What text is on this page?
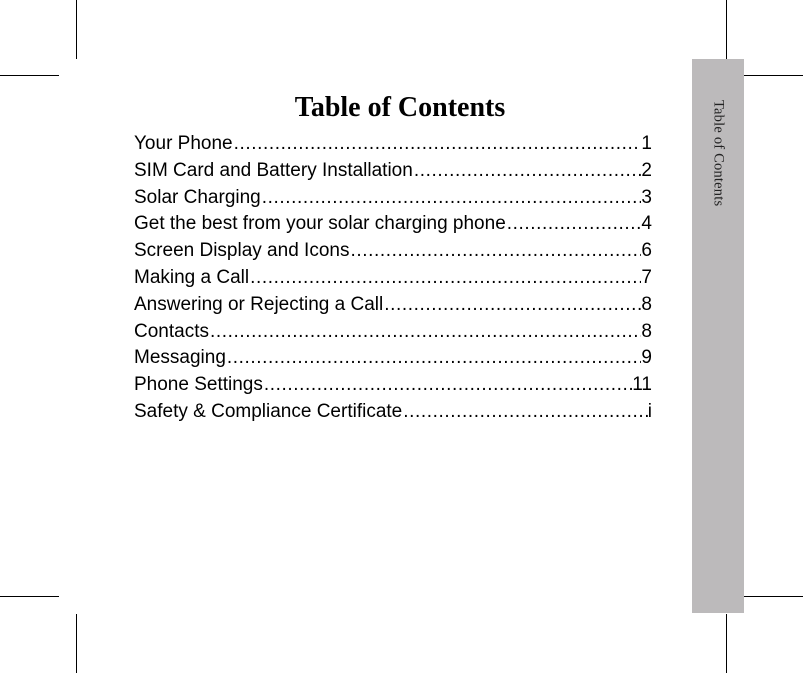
Table of Contents
Table of Contents
Your Phone .....	1
SIM Card and Battery Installation .....	2
Solar Charging .....	3
Get the best from your solar charging phone .....	4
Screen Display and Icons .....	6
Making a Call .....	7
Answering or Rejecting a Call .....	8
Contacts .....	8
Messaging .....	9
Phone Settings .....	11
Safety & Compliance Certificate .....	i
